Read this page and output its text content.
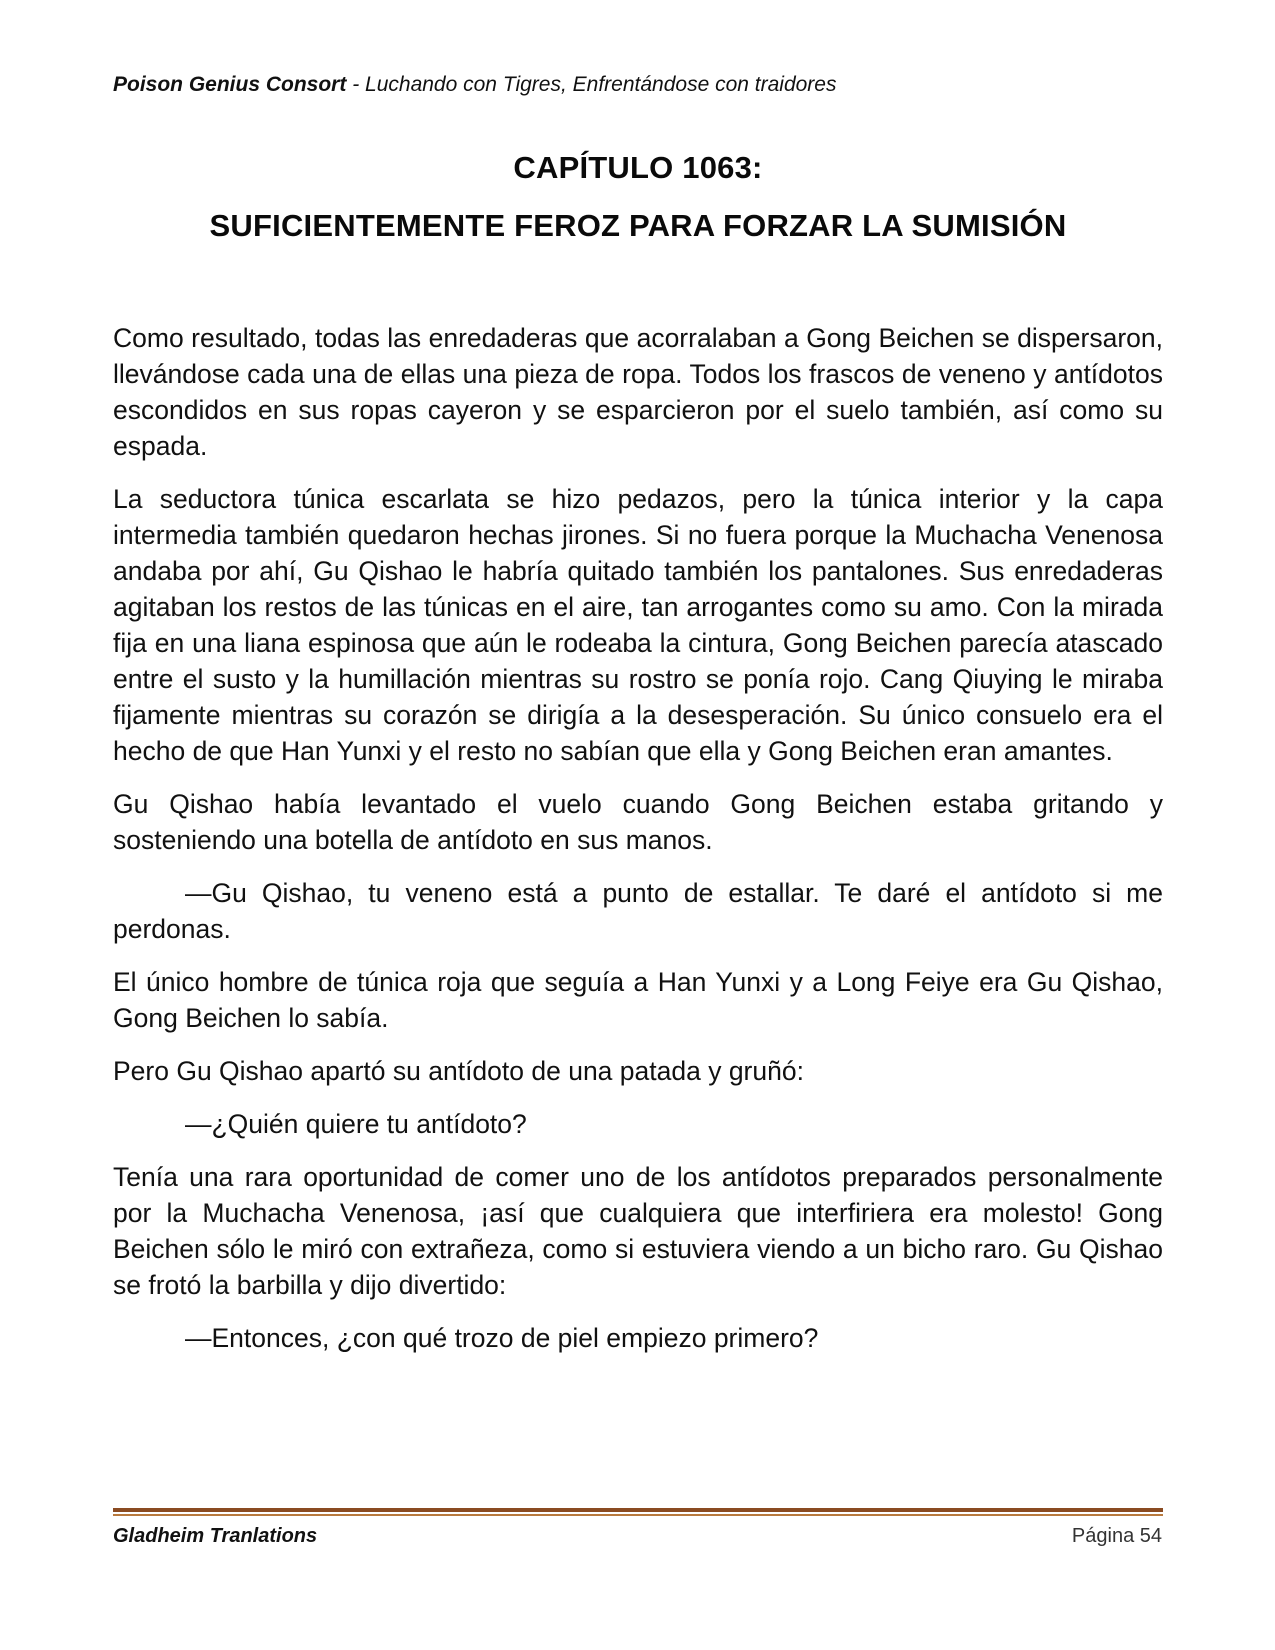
Poison Genius Consort - Luchando con Tigres, Enfrentándose con traidores
CAPÍTULO 1063:
SUFICIENTEMENTE FEROZ PARA FORZAR LA SUMISIÓN

Como resultado, todas las enredaderas que acorralaban a Gong Beichen se dispersaron, llevándose cada una de ellas una pieza de ropa. Todos los frascos de veneno y antídotos escondidos en sus ropas cayeron y se esparcieron por el suelo también, así como su espada.

La seductora túnica escarlata se hizo pedazos, pero la túnica interior y la capa intermedia también quedaron hechas jirones. Si no fuera porque la Muchacha Venenosa andaba por ahí, Gu Qishao le habría quitado también los pantalones. Sus enredaderas agitaban los restos de las túnicas en el aire, tan arrogantes como su amo. Con la mirada fija en una liana espinosa que aún le rodeaba la cintura, Gong Beichen parecía atascado entre el susto y la humillación mientras su rostro se ponía rojo. Cang Qiuying le miraba fijamente mientras su corazón se dirigía a la desesperación. Su único consuelo era el hecho de que Han Yunxi y el resto no sabían que ella y Gong Beichen eran amantes.

Gu Qishao había levantado el vuelo cuando Gong Beichen estaba gritando y sosteniendo una botella de antídoto en sus manos.

—Gu Qishao, tu veneno está a punto de estallar. Te daré el antídoto si me perdonas.

El único hombre de túnica roja que seguía a Han Yunxi y a Long Feiye era Gu Qishao, Gong Beichen lo sabía.

Pero Gu Qishao apartó su antídoto de una patada y gruñó:

—¿Quién quiere tu antídoto?

Tenía una rara oportunidad de comer uno de los antídotos preparados personalmente por la Muchacha Venenosa, ¡así que cualquiera que interfiriera era molesto! Gong Beichen sólo le miró con extrañeza, como si estuviera viendo a un bicho raro. Gu Qishao se frotó la barbilla y dijo divertido:

—Entonces, ¿con qué trozo de piel empiezo primero?

Gladheim Tranlations	Página 54
